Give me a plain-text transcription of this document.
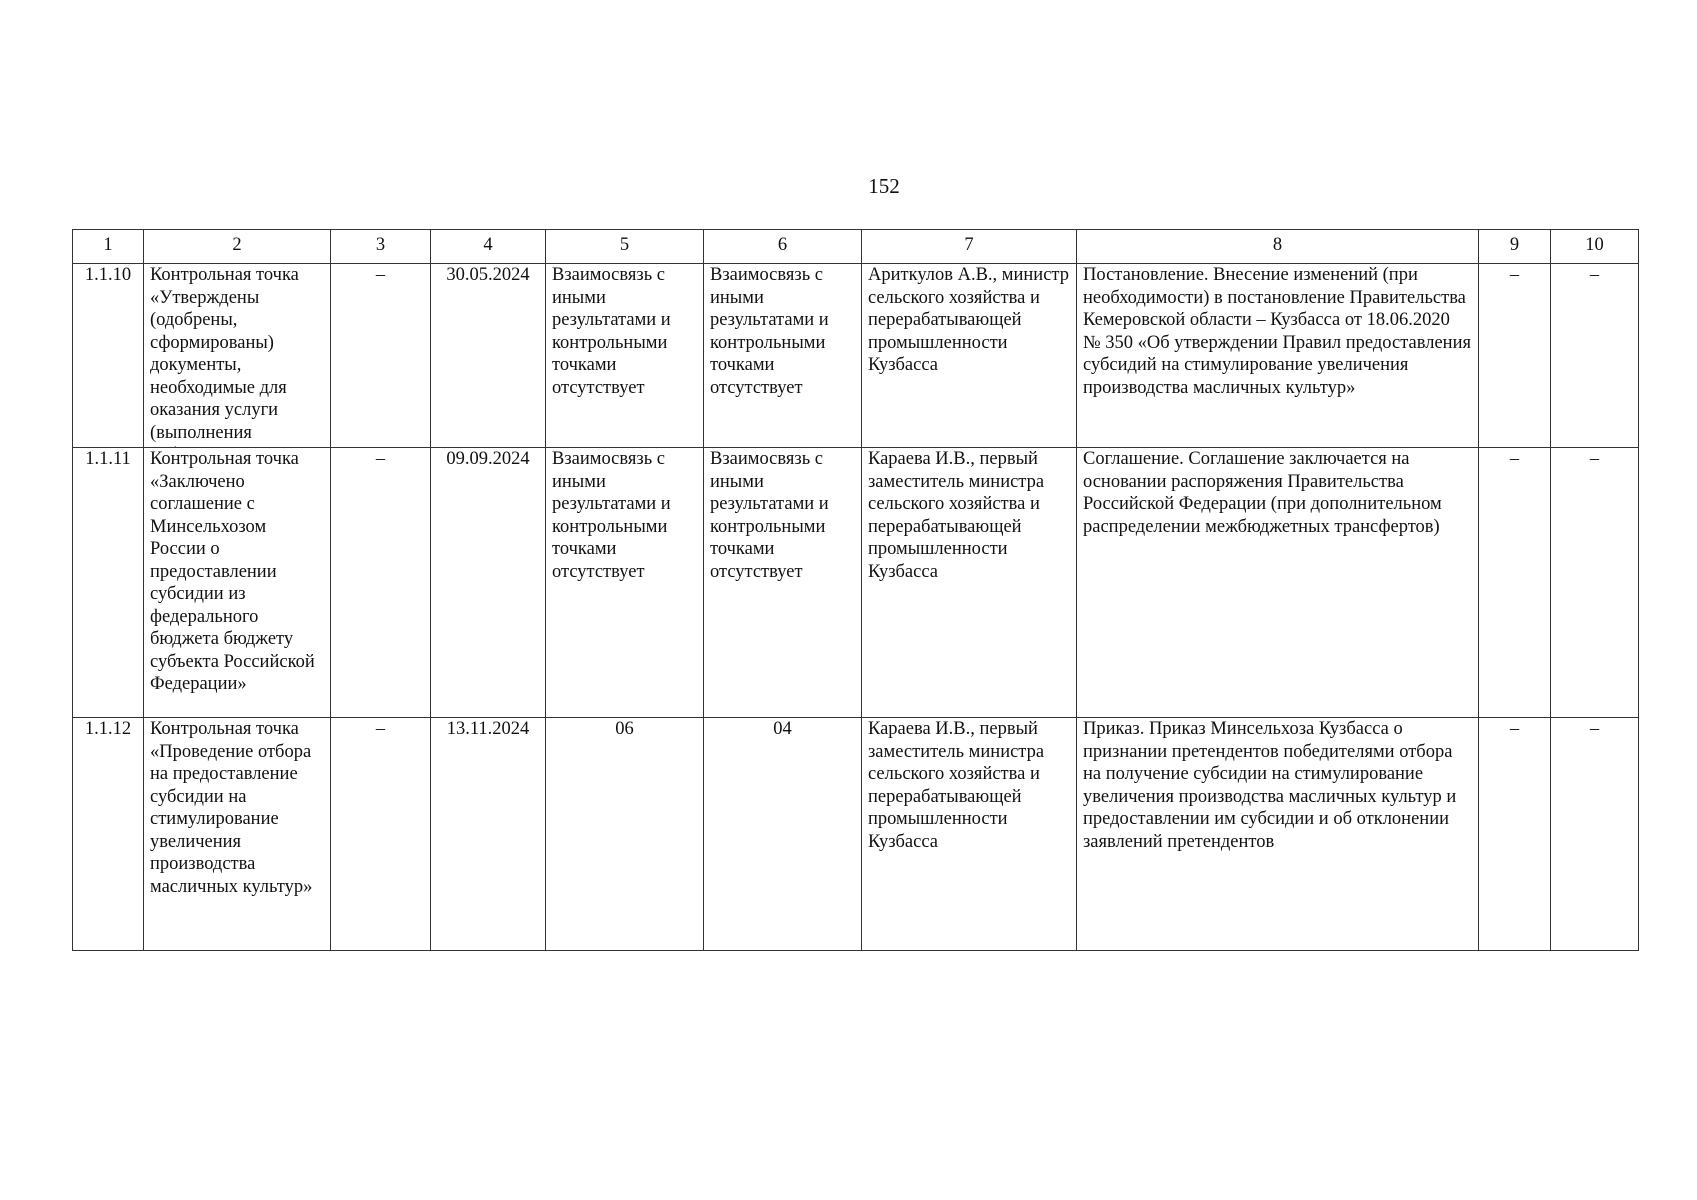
152
1	2	3	4	5	6	7	8	9	10
1.1.10	Контрольная точка «Утверждены (одобрены, сформированы) документы, необходимые для оказания услуги (выполнения	–	30.05.2024	Взаимосвязь с иными результатами и контрольными точками отсутствует	Взаимосвязь с иными результатами и контрольными точками отсутствует	Ариткулов А.В., министр сельского хозяйства и перерабатывающей промышленности Кузбасса	Постановление. Внесение изменений (при необходимости) в постановление Правительства Кемеровской области – Кузбасса от 18.06.2020 № 350 «Об утверждении Правил предоставления субсидий на стимулирование увеличения производства масличных культур»	–	–
1.1.11	Контрольная точка «Заключено соглашение с Минсельхозом России о предоставлении субсидии из федерального бюджета бюджету субъекта Российской Федерации»	–	09.09.2024	Взаимосвязь с иными результатами и контрольными точками отсутствует	Взаимосвязь с иными результатами и контрольными точками отсутствует	Караева И.В., первый заместитель министра сельского хозяйства и перерабатывающей промышленности Кузбасса	Соглашение. Соглашение заключается на основании распоряжения Правительства Российской Федерации (при дополнительном распределении межбюджетных трансфертов)	–	–
1.1.12	Контрольная точка «Проведение отбора на предоставление субсидии на стимулирование увеличения производства масличных культур»	–	13.11.2024	06	04	Караева И.В., первый заместитель министра сельского хозяйства и перерабатывающей промышленности Кузбасса	Приказ. Приказ Минсельхоза Кузбасса о признании претендентов победителями отбора на получение субсидии на стимулирование увеличения производства масличных культур и предоставлении им субсидии и об отклонении заявлений претендентов	–	–
